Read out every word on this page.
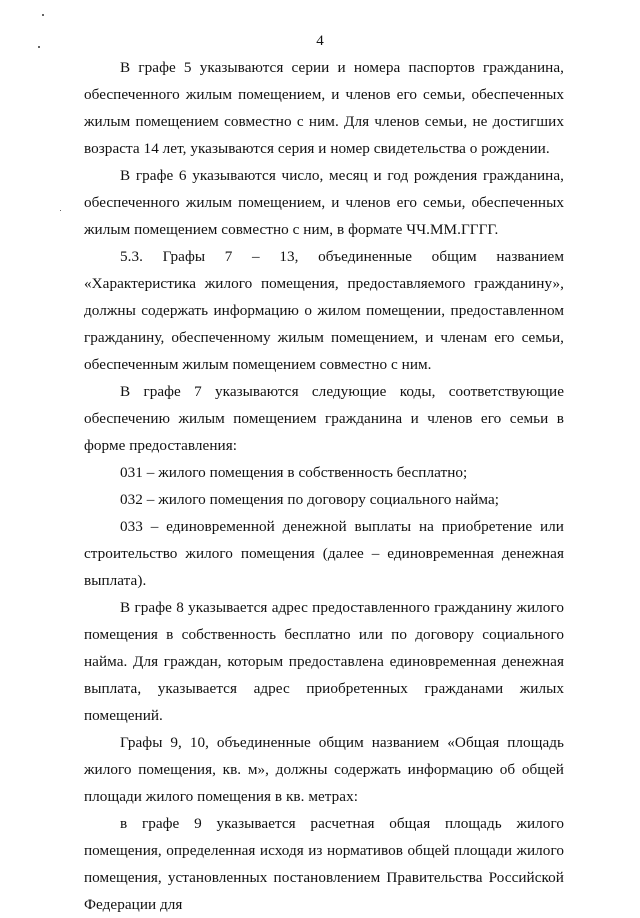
4

В графе 5 указываются серии и номера паспортов гражданина, обеспеченного жилым помещением, и членов его семьи, обеспеченных жилым помещением совместно с ним. Для членов семьи, не достигших возраста 14 лет, указываются серия и номер свидетельства о рождении.

В графе 6 указываются число, месяц и год рождения гражданина, обеспеченного жилым помещением, и членов его семьи, обеспеченных жилым помещением совместно с ним, в формате ЧЧ.ММ.ГГГГ.

5.3. Графы 7 – 13, объединенные общим названием «Характеристика жилого помещения, предоставляемого гражданину», должны содержать информацию о жилом помещении, предоставленном гражданину, обеспеченному жилым помещением, и членам его семьи, обеспеченным жилым помещением совместно с ним.

В графе 7 указываются следующие коды, соответствующие обеспечению жилым помещением гражданина и членов его семьи в форме предоставления:

031 – жилого помещения в собственность бесплатно;

032 – жилого помещения по договору социального найма;

033 – единовременной денежной выплаты на приобретение или строительство жилого помещения (далее – единовременная денежная выплата).

В графе 8 указывается адрес предоставленного гражданину жилого помещения в собственность бесплатно или по договору социального найма. Для граждан, которым предоставлена единовременная денежная выплата, указывается адрес приобретенных гражданами жилых помещений.

Графы 9, 10, объединенные общим названием «Общая площадь жилого помещения, кв. м», должны содержать информацию об общей площади жилого помещения в кв. метрах:

в графе 9 указывается расчетная общая площадь жилого помещения, определенная исходя из нормативов общей площади жилого помещения, установленных постановлением Правительства Российской Федерации для
